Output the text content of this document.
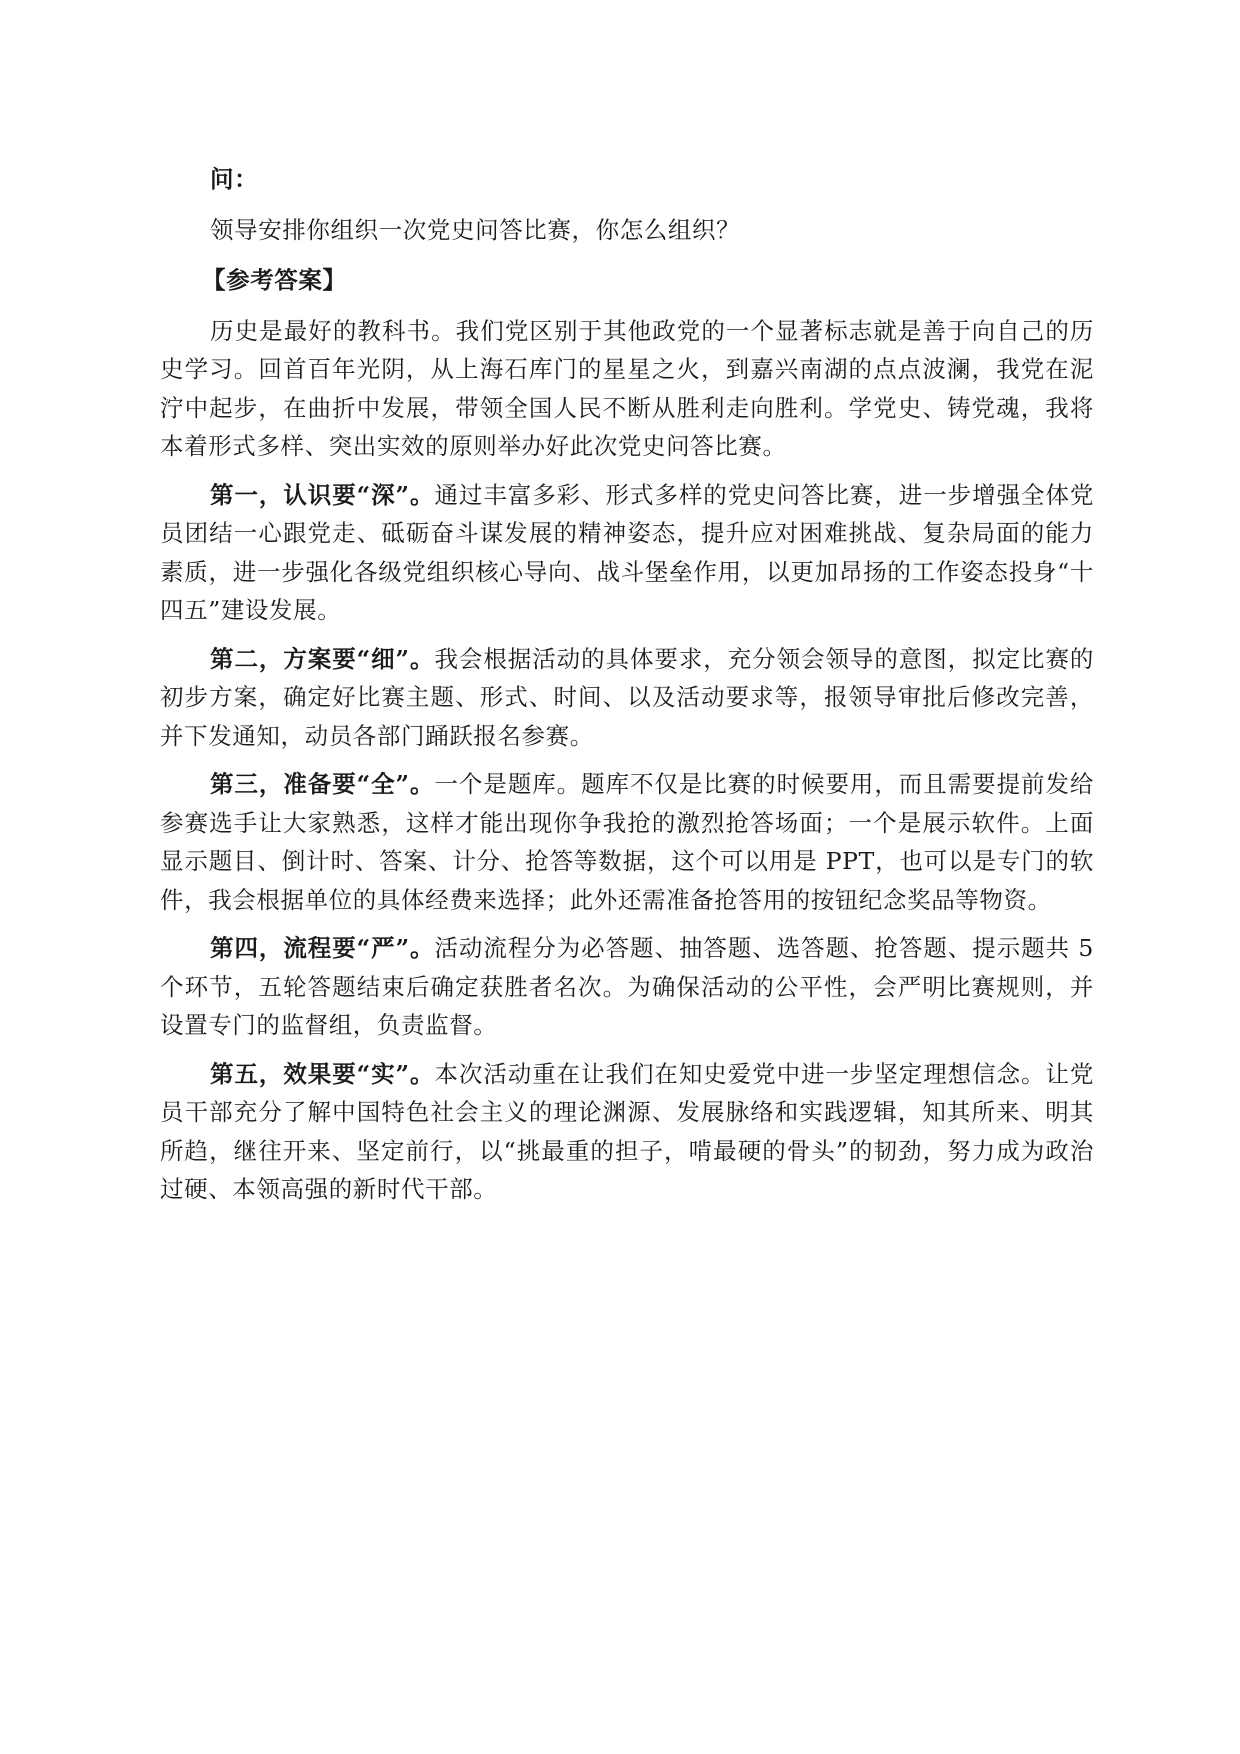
问：

领导安排你组织一次党史问答比赛，你怎么组织？

【参考答案】

历史是最好的教科书。我们党区别于其他政党的一个显著标志就是善于向自己的历史学习。回首百年光阴，从上海石库门的星星之火，到嘉兴南湖的点点波澜，我党在泥泞中起步，在曲折中发展，带领全国人民不断从胜利走向胜利。学党史、铸党魂，我将本着形式多样、突出实效的原则举办好此次党史问答比赛。

第一，认识要“深”。通过丰富多彩、形式多样的党史问答比赛，进一步增强全体党员团结一心跟党走、砥砺奋斗谋发展的精神姿态，提升应对困难挑战、复杂局面的能力素质，进一步强化各级党组织核心导向、战斗堡垒作用，以更加昂扬的工作姿态投身“十四五”建设发展。

第二，方案要“细”。我会根据活动的具体要求，充分领会领导的意图，拟定比赛的初步方案，确定好比赛主题、形式、时间、以及活动要求等，报领导审批后修改完善，并下发通知，动员各部门踊跃报名参赛。

第三，准备要“全”。一个是题库。题库不仅是比赛的时候要用，而且需要提前发给参赛选手让大家熟悉，这样才能出现你争我抢的激烈抢答场面；一个是展示软件。上面显示题目、倒计时、答案、计分、抢答等数据，这个可以用是 PPT，也可以是专门的软件，我会根据单位的具体经费来选择；此外还需准备抢答用的按钮纪念奖品等物资。

第四，流程要“严”。活动流程分为必答题、抽答题、选答题、抢答题、提示题共 5 个环节，五轮答题结束后确定获胜者名次。为确保活动的公平性，会严明比赛规则，并设置专门的监督组，负责监督。

第五，效果要“实”。本次活动重在让我们在知史爱党中进一步坚定理想信念。让党员干部充分了解中国特色社会主义的理论渊源、发展脉络和实践逻辑，知其所来、明其所趋，继往开来、坚定前行，以“挑最重的担子，啃最硬的骨头”的韧劲，努力成为政治过硬、本领高强的新时代干部。
